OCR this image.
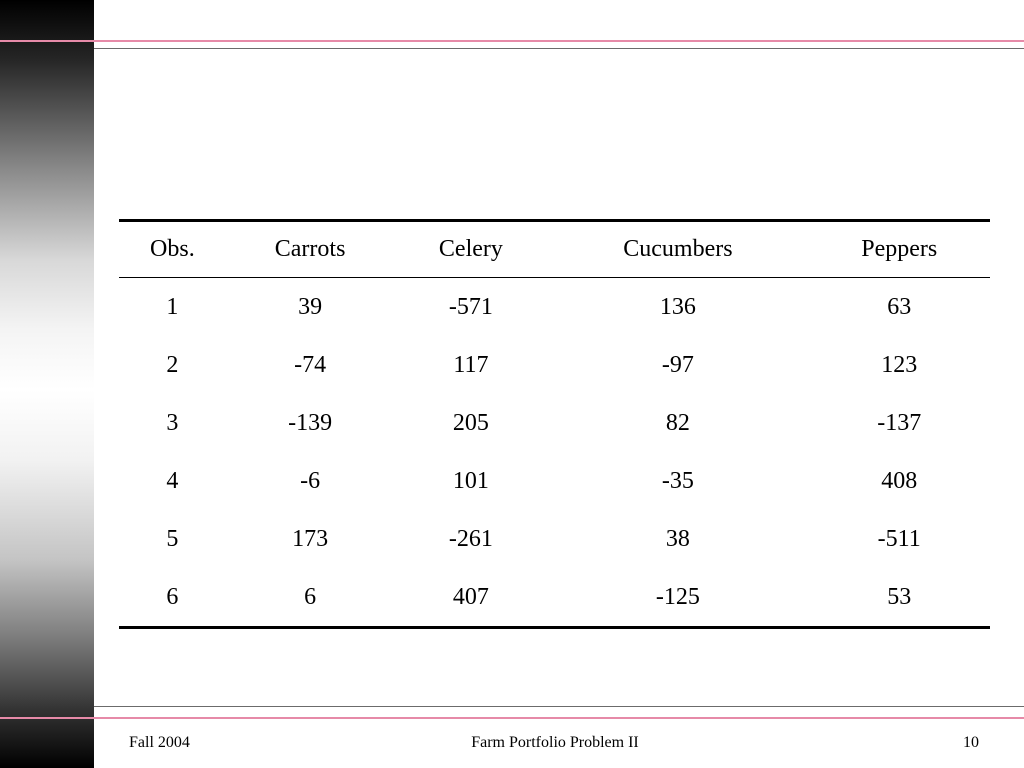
Obs.	Carrots	Celery	Cucumbers	Peppers
1	39	-571	136	63
2	-74	117	-97	123
3	-139	205	82	-137
4	-6	101	-35	408
5	173	-261	38	-511
6	6	407	-125	53
Fall 2004	Farm Portfolio Problem II	10
